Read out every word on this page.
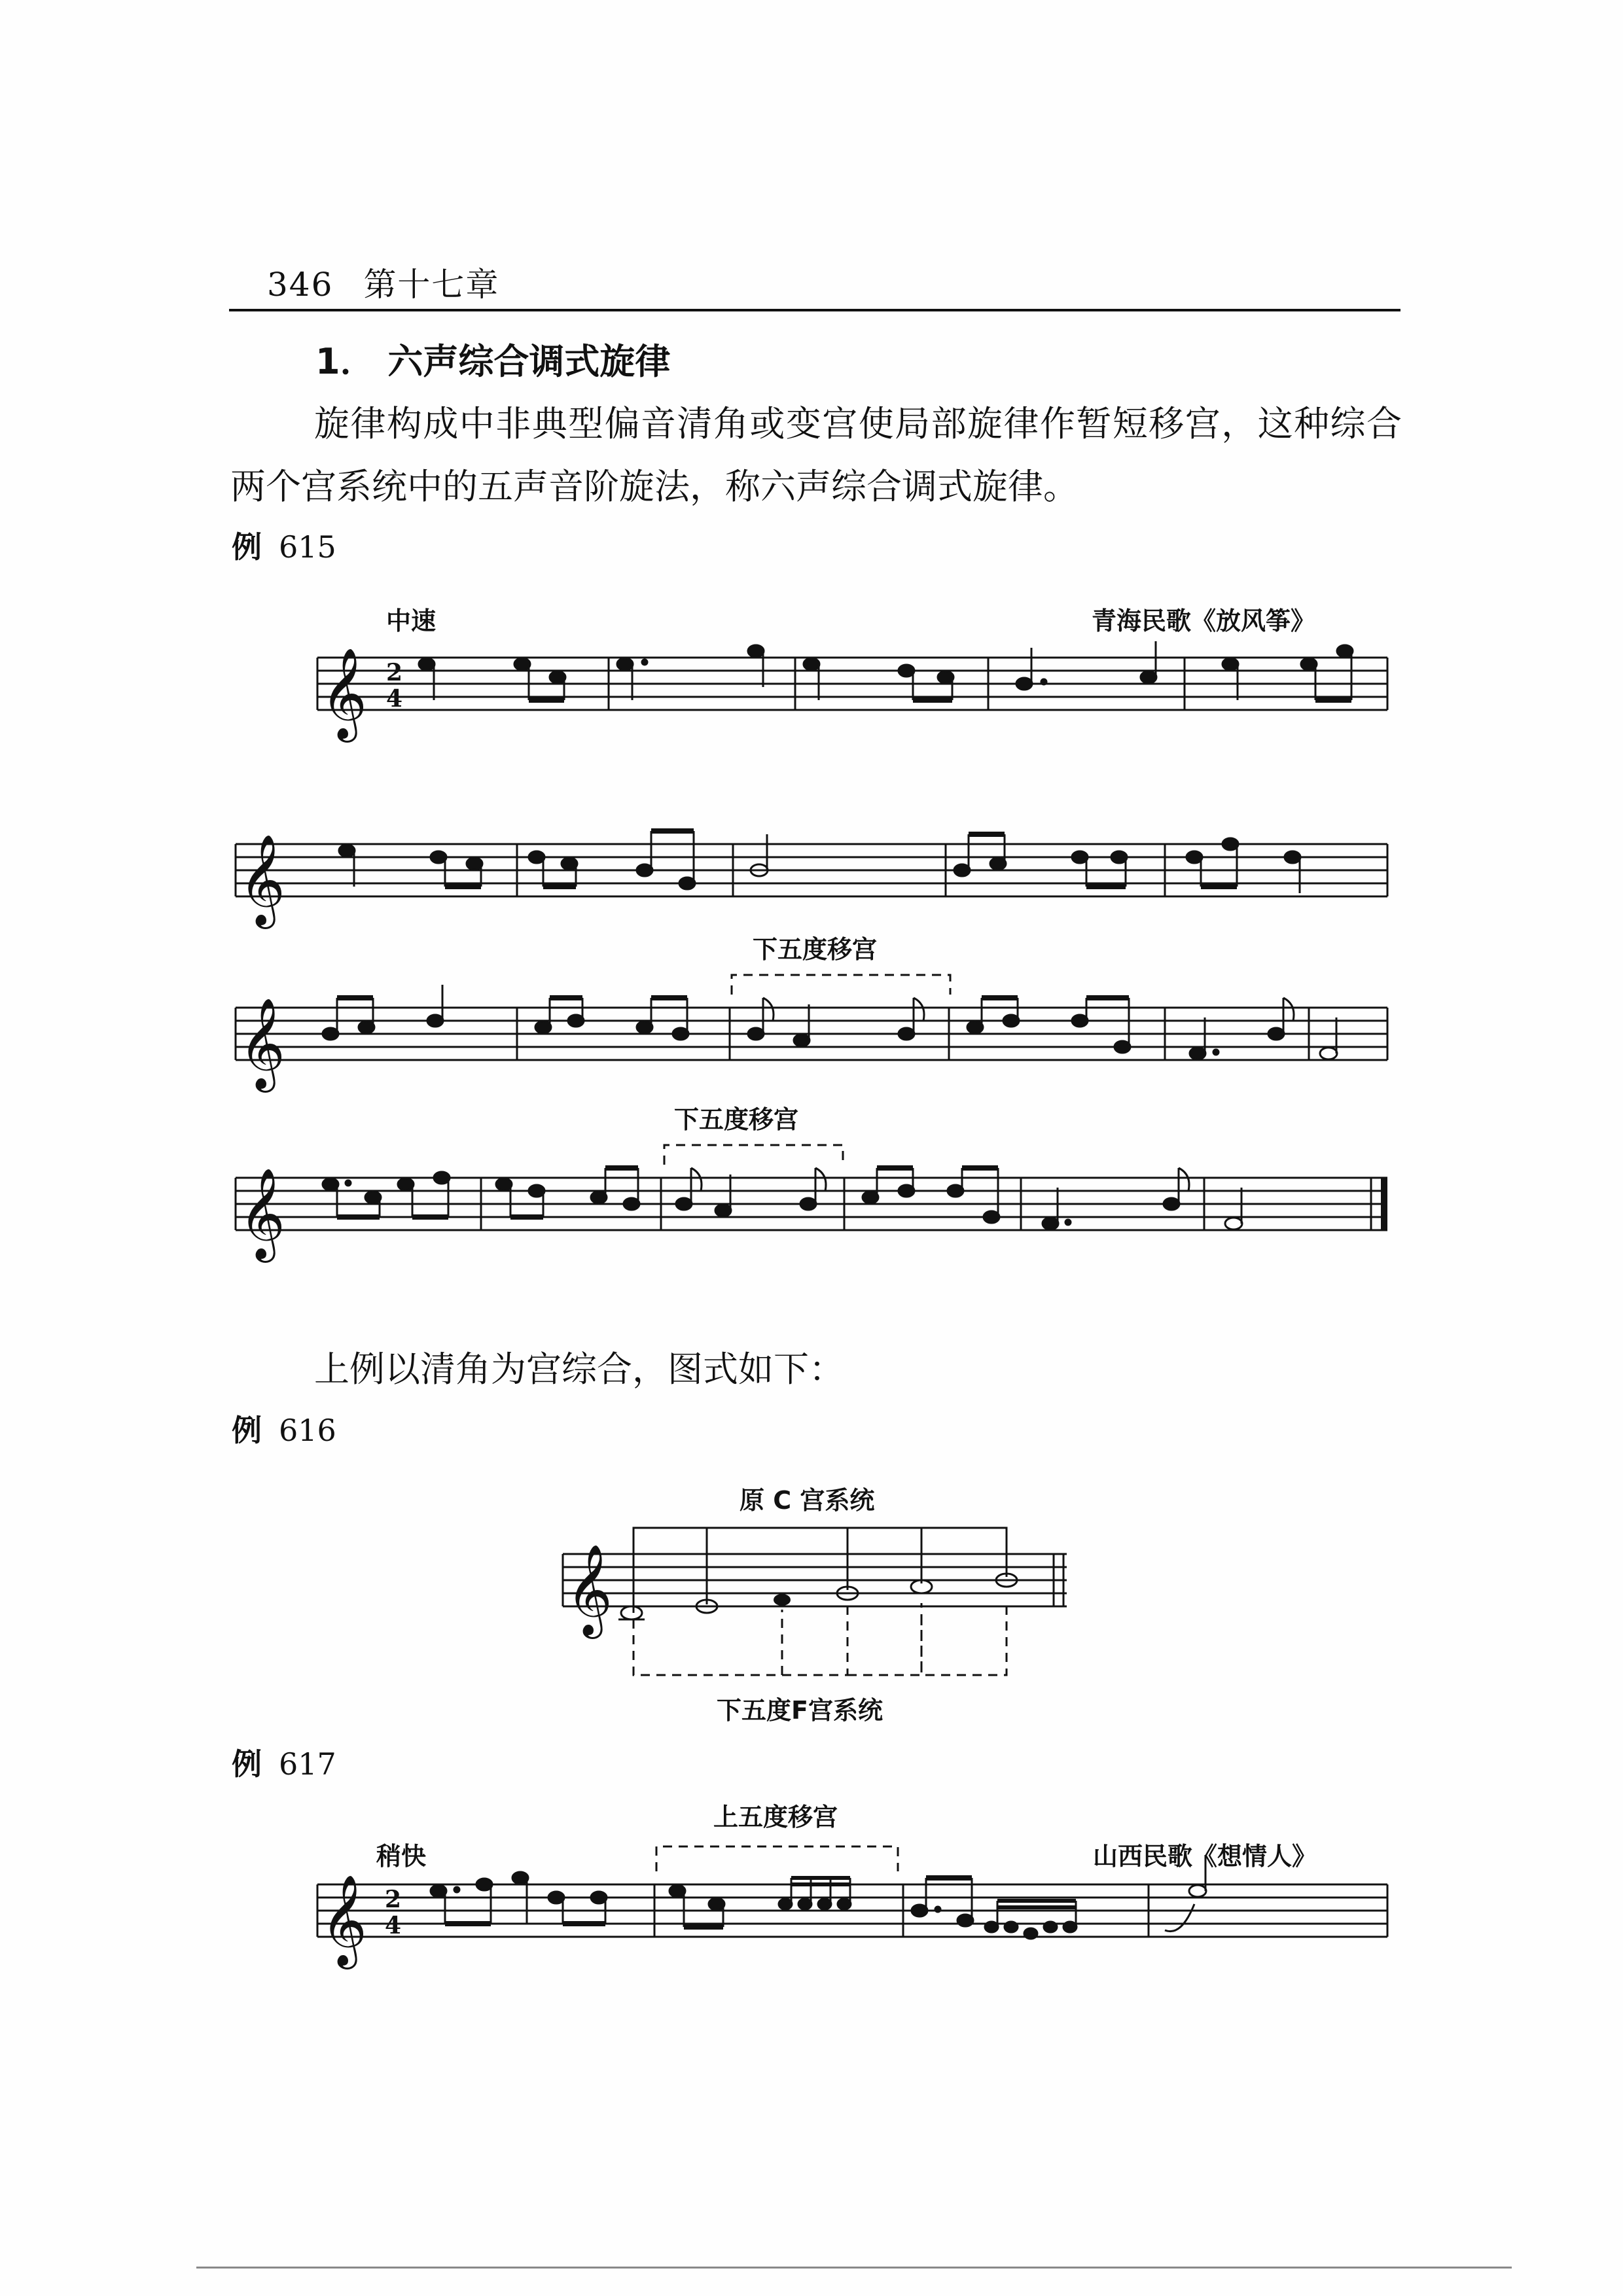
346 第十七章
1． 六声综合调式旋律
旋律构成中非典型偏音清角或变宫使局部旋律作暂短移宫，这种综合两个宫系统中的五声音阶旋法，称六声综合调式旋律。
例 615
中速	青海民歌《放风筝》
下五度移宫
下五度移宫
𝄞
𝄞
𝄞
𝄞
2
4
𝄞
𝄞 2
4
上例以清角为宫综合，图式如下：
例 616
原 C 宫系统
下五度F宫系统
例 617
上五度移宫
稍快	山西民歌《想情人》
